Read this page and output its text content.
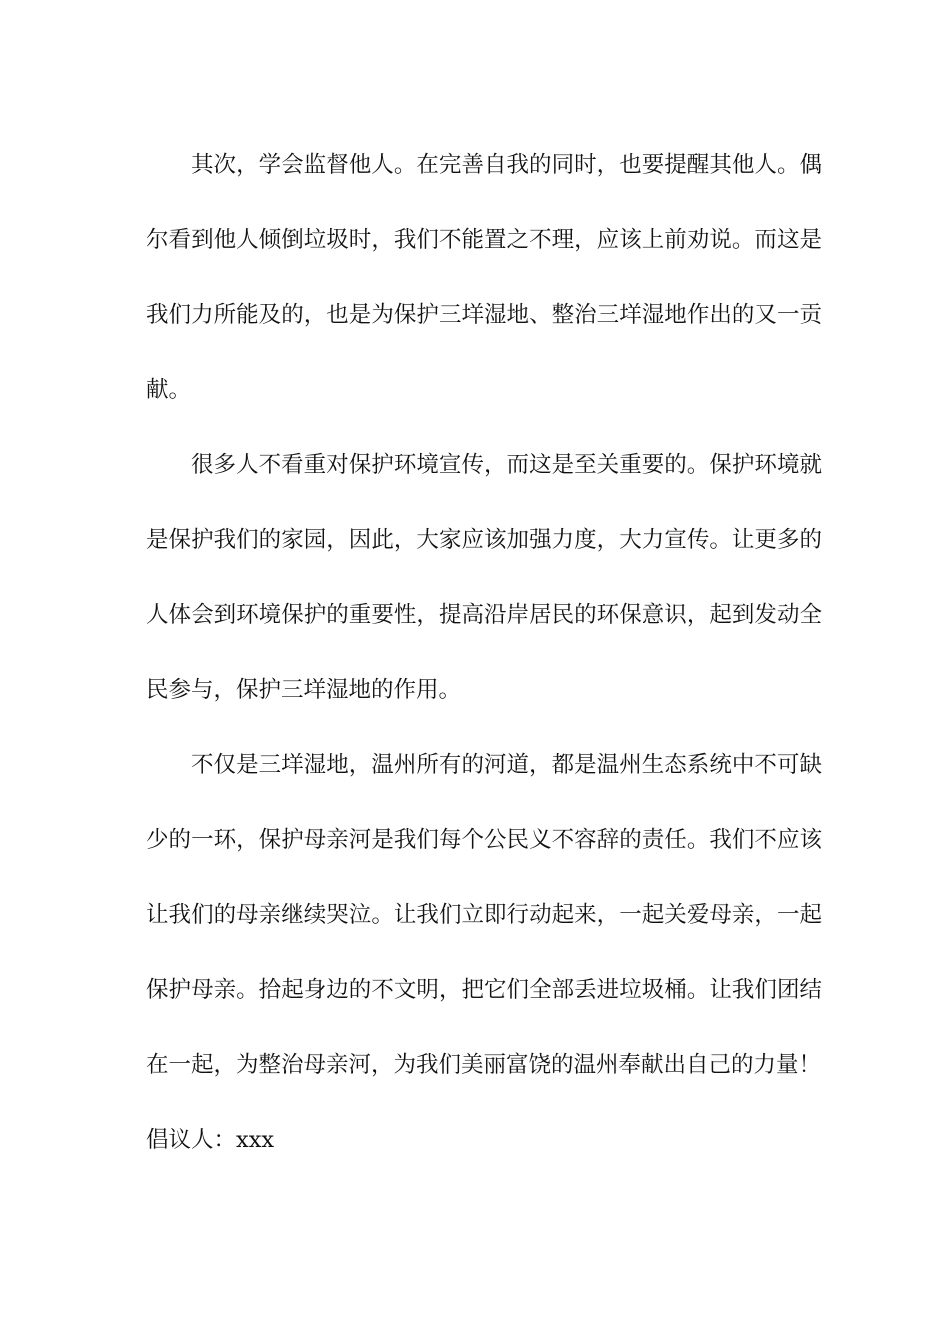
其次，学会监督他人。在完善自我的同时，也要提醒其他人。偶尔看到他人倾倒垃圾时，我们不能置之不理，应该上前劝说。而这是我们力所能及的，也是为保护三垟湿地、整治三垟湿地作出的又一贡献。

很多人不看重对保护环境宣传，而这是至关重要的。保护环境就是保护我们的家园，因此，大家应该加强力度，大力宣传。让更多的人体会到环境保护的重要性，提高沿岸居民的环保意识，起到发动全民参与，保护三垟湿地的作用。

不仅是三垟湿地，温州所有的河道，都是温州生态系统中不可缺少的一环，保护母亲河是我们每个公民义不容辞的责任。我们不应该让我们的母亲继续哭泣。让我们立即行动起来，一起关爱母亲，一起保护母亲。拾起身边的不文明，把它们全部丢进垃圾桶。让我们团结在一起，为整治母亲河，为我们美丽富饶的温州奉献出自己的力量！

倡议人：xxx
